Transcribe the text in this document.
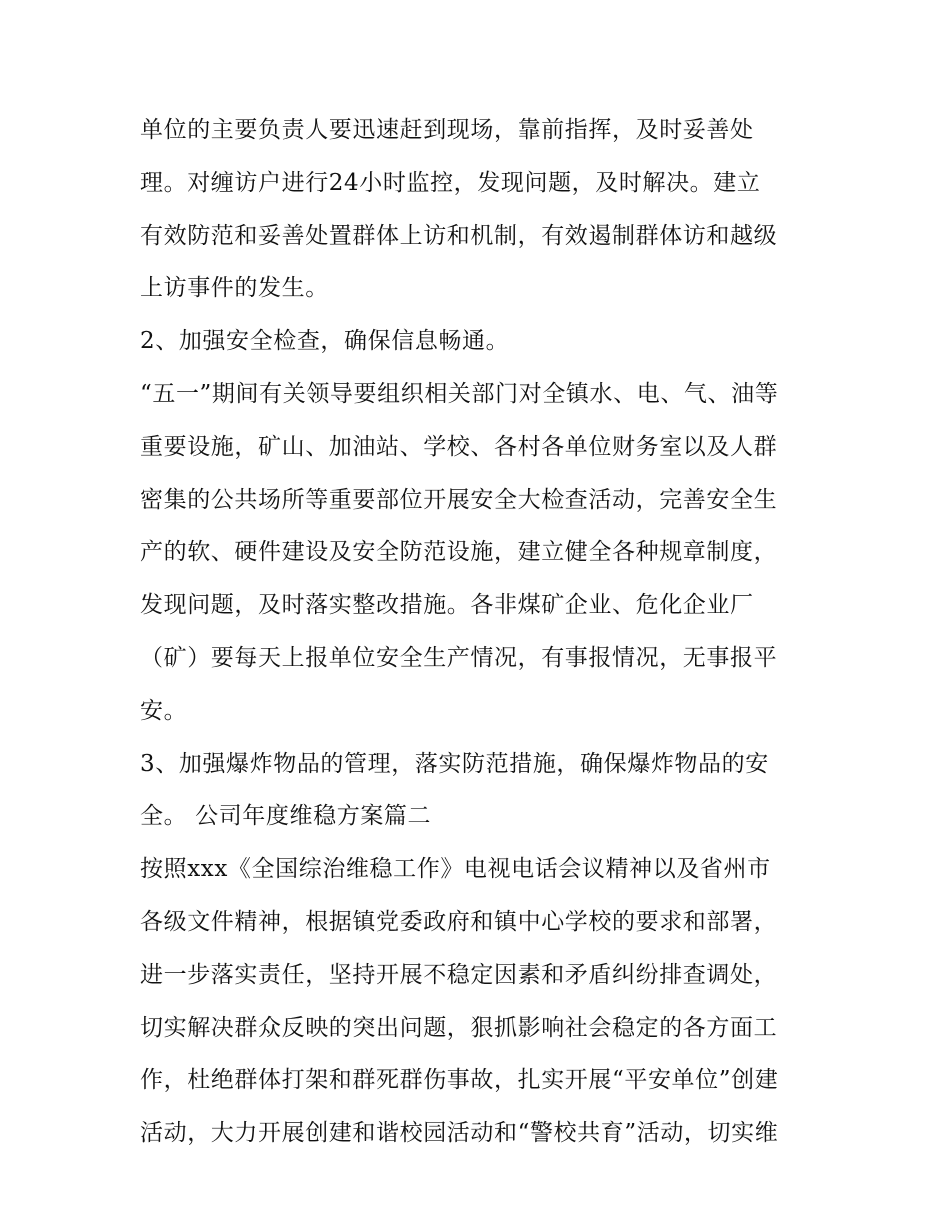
单位的主要负责人要迅速赶到现场，靠前指挥，及时妥善处
理。对缠访户进行24小时监控，发现问题，及时解决。建立
有效防范和妥善处置群体上访和机制，有效遏制群体访和越级
上访事件的发生。
2、加强安全检查，确保信息畅通。
“五一”期间有关领导要组织相关部门对全镇水、电、气、油等
重要设施，矿山、加油站、学校、各村各单位财务室以及人群
密集的公共场所等重要部位开展安全大检查活动，完善安全生
产的软、硬件建设及安全防范设施，建立健全各种规章制度，
发现问题，及时落实整改措施。各非煤矿企业、危化企业厂
（矿）要每天上报单位安全生产情况，有事报情况，无事报平
安。
3、加强爆炸物品的管理，落实防范措施，确保爆炸物品的安
全。 公司年度维稳方案篇二
按照xxx《全国综治维稳工作》电视电话会议精神以及省州市
各级文件精神，根据镇党委政府和镇中心学校的要求和部署，
进一步落实责任，坚持开展不稳定因素和矛盾纠纷排查调处，
切实解决群众反映的突出问题，狠抓影响社会稳定的各方面工
作，杜绝群体打架和群死群伤事故，扎实开展“平安单位”创建
活动，大力开展创建和谐校园活动和“警校共育”活动，切实维
